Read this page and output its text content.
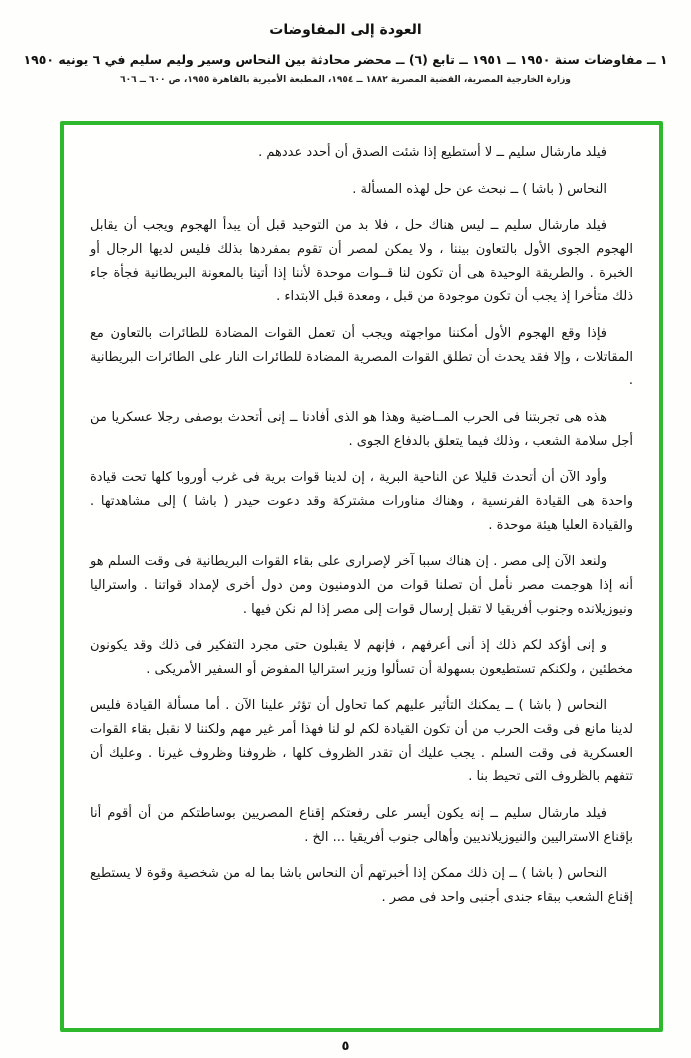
العودة إلى المفاوضات
١ ــ مفاوضات سنة ١٩٥٠ ــ ١٩٥١ ــ تابع (٦) ــ محضر محادثة بين النحاس وسير وليم سليم في ٦ يونيه ١٩٥٠
وزارة الخارجية المصرية، القضية المصرية ١٨٨٢ ــ ١٩٥٤، المطبعة الأميرية بالقاهرة ١٩٥٥، ص ٦٠٠ ــ ٦٠٦

فيلد مارشال سليم ــ لا أستطيع إذا شئت الصدق أن أحدد عددهم .

النحاس ( باشا ) ــ نبحث عن حل لهذه المسألة .

فيلد مارشال سليم ــ ليس هناك حل ، فلا بد من التوحيد قبل أن يبدأ الهجوم ويجب أن يقابل الهجوم الجوى الأول بالتعاون بيننا ، ولا يمكن لمصر أن تقوم بمفردها بذلك فليس لديها الرجال أو الخبرة . والطريقة الوحيدة هى أن تكون لنا قــوات موحدة لأننا إذا أتينا بالمعونة البريطانية فجأة جاء ذلك متأخرا إذ يجب أن تكون موجودة من قبل ، ومعدة قبل الابتداء .

فإذا وقع الهجوم الأول أمكننا مواجهته ويجب أن تعمل القوات المضادة للطائرات بالتعاون مع المقاتلات ، وإلا فقد يحدث أن تطلق القوات المصرية المضادة للطائرات النار على الطائرات البريطانية .

هذه هى تجربتنا فى الحرب المــاضية وهذا هو الذى أفادنا ــ إنى أتحدث بوصفى رجلا عسكريا من أجل سلامة الشعب ، وذلك فيما يتعلق بالدفاع الجوى .

وأود الآن أن أتحدث قليلا عن الناحية البرية ، إن لدينا قوات برية فى غرب أوروبا كلها تحت قيادة واحدة هى القيادة الفرنسية ، وهناك مناورات مشتركة وقد دعوت حيدر ( باشا ) إلى مشاهدتها . والقيادة العليا هيئة موحدة .

ولنعد الآن إلى مصر . إن هناك سببا آخر لإصرارى على بقاء القوات البريطانية فى وقت السلم هو أنه إذا هوجمت مصر نأمل أن تصلنا قوات من الدومنيون ومن دول أخرى لإمداد قواتنا . واستراليا ونيوزيلانده وجنوب أفريقيا لا تقبل إرسال قوات إلى مصر إذا لم نكن فيها .

و إنى أؤكد لكم ذلك إذ أنى أعرفهم ، فإنهم لا يقبلون حتى مجرد التفكير فى ذلك وقد يكونون مخطئين ، ولكنكم تستطيعون بسهولة أن تسألوا وزير استراليا المفوض أو السفير الأمريكى .

النحاس ( باشا ) ــ يمكنك التأثير عليهم كما تحاول أن تؤثر علينا الآن . أما مسألة القيادة فليس لدينا مانع فى وقت الحرب من أن تكون القيادة لكم لو لنا فهذا أمر غير مهم ولكننا لا نقبل بقاء القوات العسكرية فى وقت السلم . يجب عليك أن تقدر الظروف كلها ، ظروفنا وظروف غيرنا . وعليك أن تتفهم بالظروف التى تحيط بنا .

فيلد مارشال سليم ــ إنه يكون أيسر على رفعتكم إقناع المصريين بوساطتكم من أن أقوم أنا بإقناع الاستراليين والنيوزيلانديين وأهالى جنوب أفريقيا ... الخ .

النحاس ( باشا ) ــ إن ذلك ممكن إذا أخبرتهم أن النحاس باشا بما له من شخصية وقوة لا يستطيع إقناع الشعب ببقاء جندى أجنبى واحد فى مصر .

٥
